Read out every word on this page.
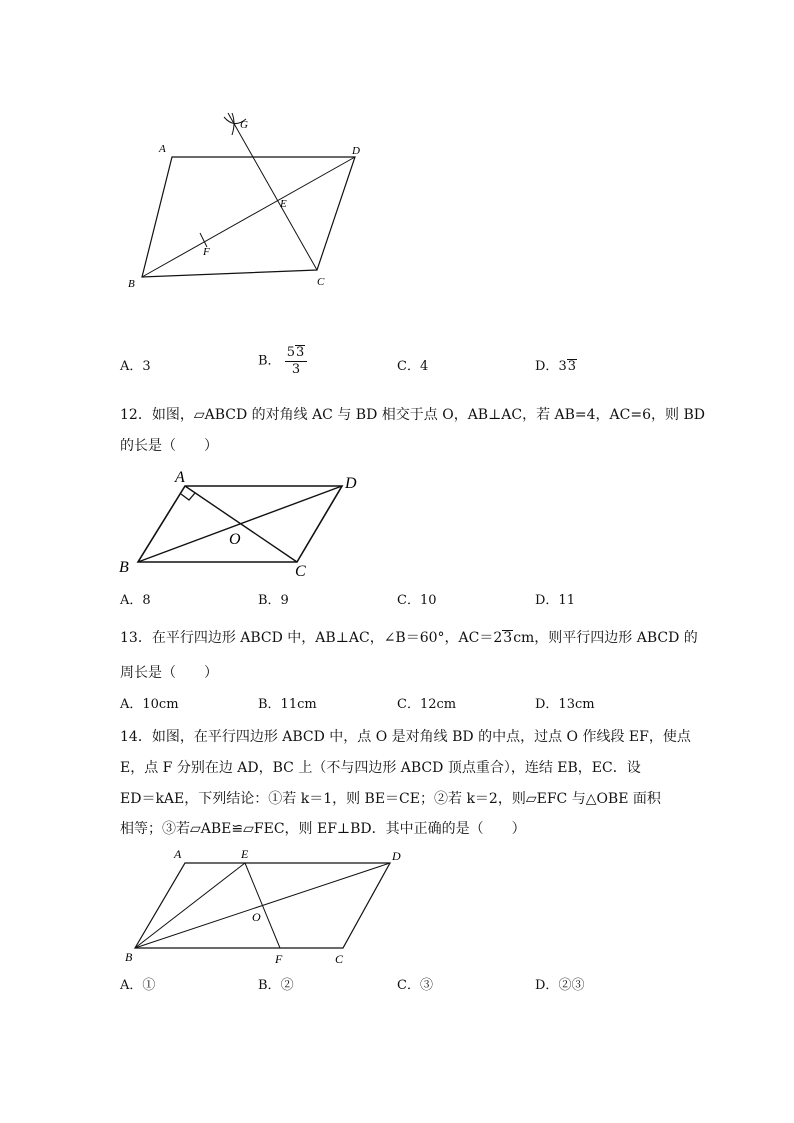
A	D
E
F
G
B	C
A．3	B． $\frac{53}{3}$	C．4	D．33
12．如图，▱ABCD 的对角线 AC 与 BD 相交于点 O，AB⊥AC，若 AB=4，AC=6，则 BD
的长是（　　）
A	D
O
B	C
A．8	B．9	C．10	D．11
13．在平行四边形 ABCD 中，AB⊥AC，∠B＝60°，AC＝23cm，则平行四边形 ABCD 的
周长是（　　）
A．10cm	B．11cm	C．12cm	D．13cm
14．如图，在平行四边形 ABCD 中，点 O 是对角线 BD 的中点，过点 O 作线段 EF，使点
E，点 F 分别在边 AD，BC 上（不与四边形 ABCD 顶点重合），连结 EB，EC．设
ED＝kAE，下列结论：①若 k＝1，则 BE＝CE；②若 k＝2，则▱EFC 与△OBE 面积
相等；③若▱ABE≌▱FEC，则 EF⊥BD．其中正确的是（　　）
A	E	D
O
B	F	C
A．①	B．②	C．③	D．②③
